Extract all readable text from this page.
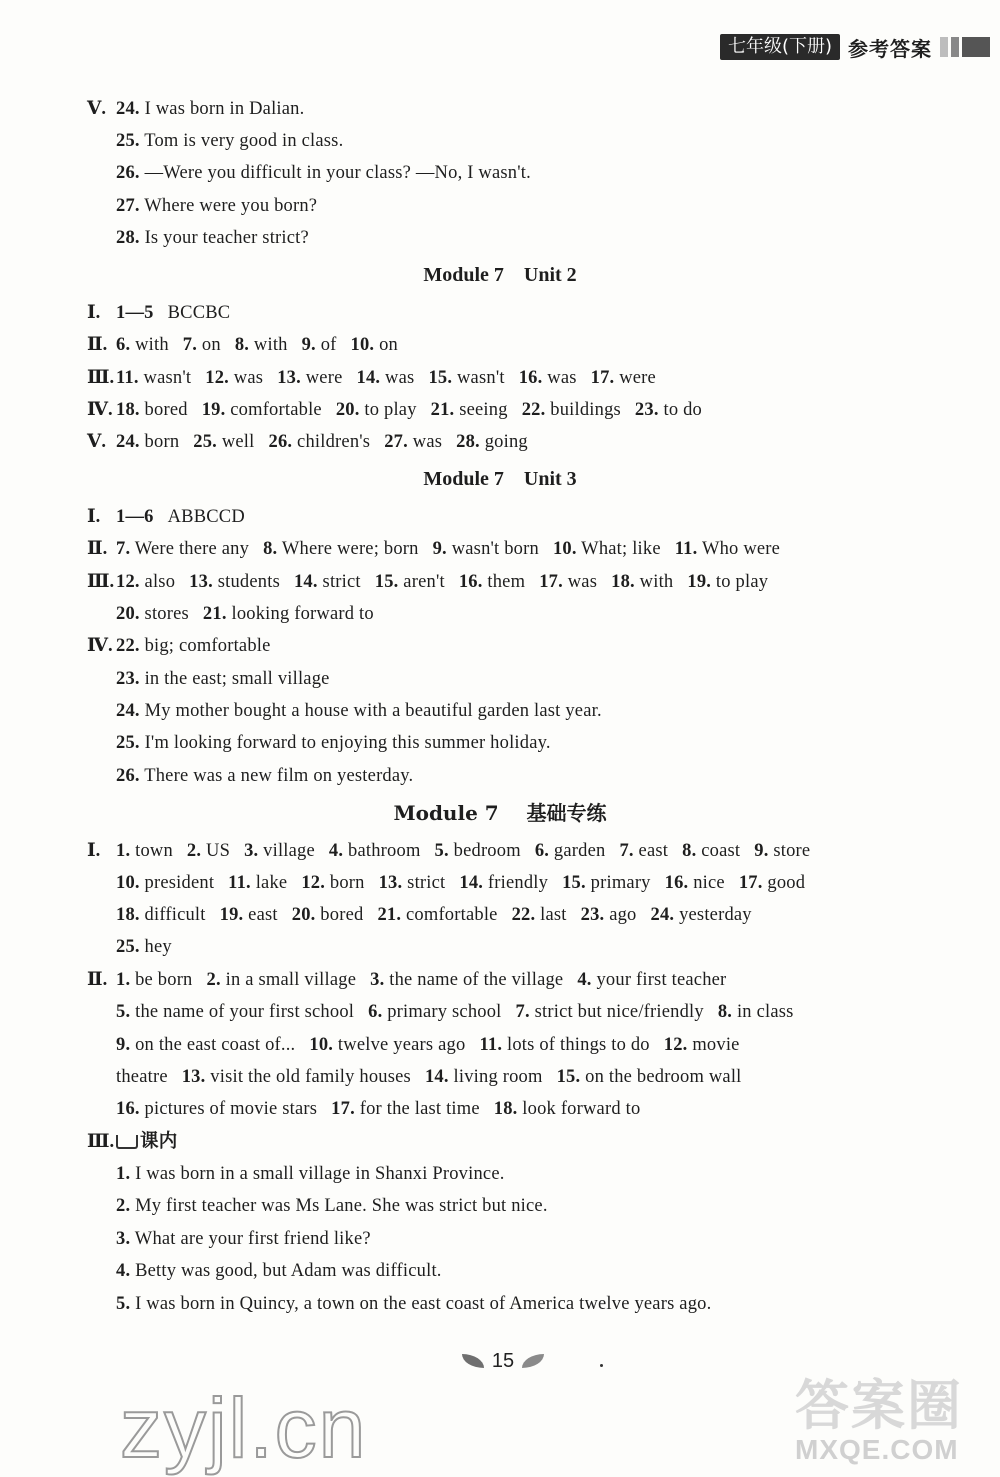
七年级(下册) 参考答案
Ⅴ. 24. I was born in Dalian.
25. Tom is very good in class.
26. —Were you difficult in your class? —No, I wasn't.
27. Where were you born?
28. Is your teacher strict?
Module 7    Unit 2
Ⅰ. 1—5 BCCBC
Ⅱ. 6. with 7. on 8. with 9. of 10. on
Ⅲ. 11. wasn't 12. was 13. were 14. was 15. wasn't 16. was 17. were
Ⅳ. 18. bored 19. comfortable 20. to play 21. seeing 22. buildings 23. to do
Ⅴ. 24. born 25. well 26. children's 27. was 28. going
Module 7    Unit 3
Ⅰ. 1—6 ABBCCD
Ⅱ. 7. Were there any 8. Where were; born 9. wasn't born 10. What; like 11. Who were
Ⅲ. 12. also 13. students 14. strict 15. aren't 16. them 17. was 18. with 19. to play
20. stores 21. looking forward to
Ⅳ. 22. big; comfortable
23. in the east; small village
24. My mother bought a house with a beautiful garden last year.
25. I'm looking forward to enjoying this summer holiday.
26. There was a new film on yesterday.
Module 7    基础专练
Ⅰ. 1. town 2. US 3. village 4. bathroom 5. bedroom 6. garden 7. east 8. coast 9. store
10. president 11. lake 12. born 13. strict 14. friendly 15. primary 16. nice 17. good
18. difficult 19. east 20. bored 21. comfortable 22. last 23. ago 24. yesterday
25. hey
Ⅱ. 1. be born 2. in a small village 3. the name of the village 4. your first teacher
5. the name of your first school 6. primary school 7. strict but nice/friendly 8. in class
9. on the east coast of... 10. twelve years ago 11. lots of things to do 12. movie
theatre 13. visit the old family houses 14. living room 15. on the bedroom wall
16. pictures of movie stars 17. for the last time 18. look forward to
Ⅲ.	课内
1. I was born in a small village in Shanxi Province.
2. My first teacher was Ms Lane. She was strict but nice.
3. What are your first friend like?
4. Betty was good, but Adam was difficult.
5. I was born in Quincy, a town on the east coast of America twelve years ago.
15
zyjl.cn	答案圈
MXQE.COM
